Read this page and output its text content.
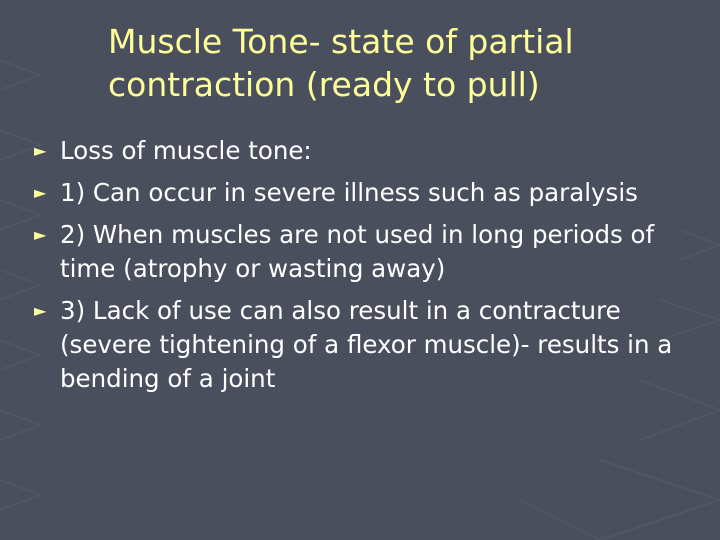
Muscle Tone- state of partial
contraction (ready to pull)
► Loss of muscle tone:
► 1) Can occur in severe illness such as paralysis
► 2) When muscles are not used in long periods of time (atrophy or wasting away)
► 3) Lack of use can also result in a contracture (severe tightening of a flexor muscle)- results in a bending of a joint
